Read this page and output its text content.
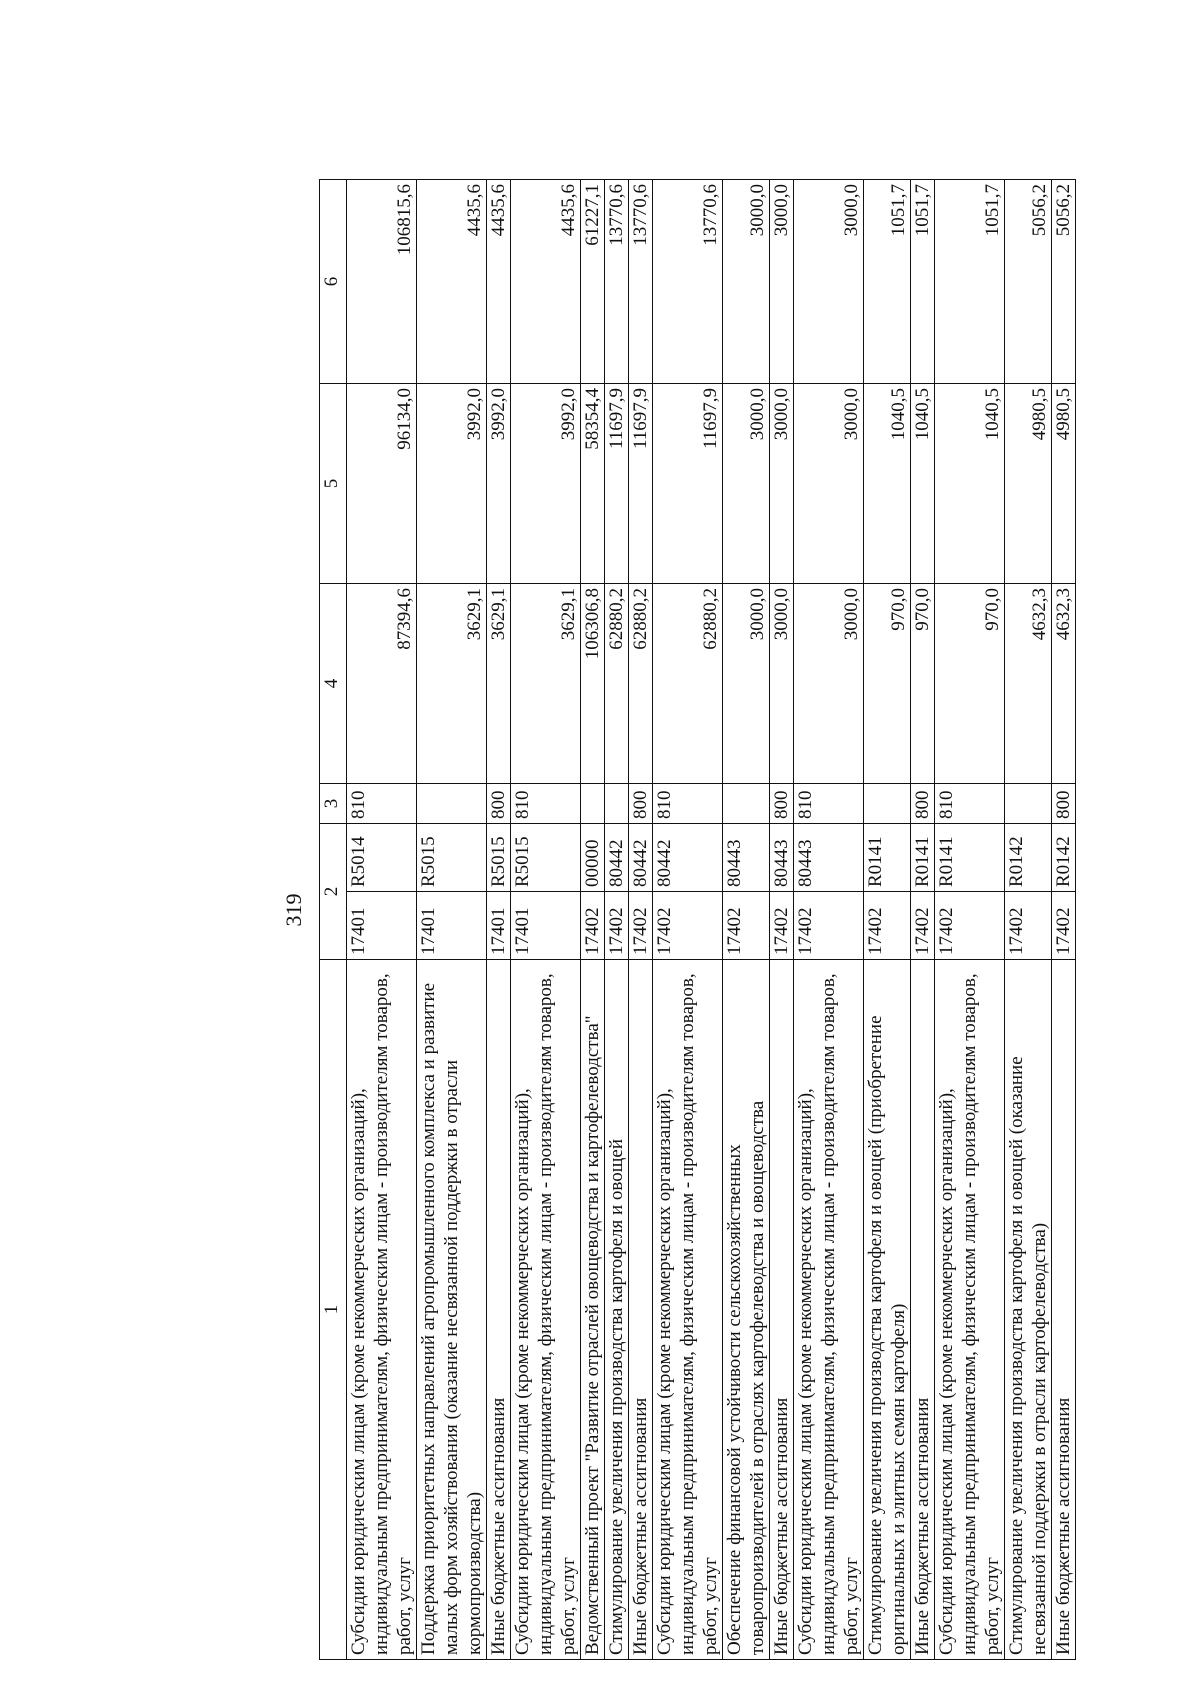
1	2		3	4	5	6
Субсидии юридическим лицам (кроме некоммерческих организаций), индивидуальным предпринимателям, физическим лицам - производителям товаров, работ, услуг	17401	R5014	810	87394,6	96134,0	106815,6
Поддержка приоритетных направлений агропромышленного комплекса и развитие малых форм хозяйствования (оказание несвязанной поддержки в отрасли кормопроизводства)	17401	R5015		3629,1	3992,0	4435,6
Иные бюджетные ассигнования	17401	R5015	800	3629,1	3992,0	4435,6
Субсидии юридическим лицам (кроме некоммерческих организаций), индивидуальным предпринимателям, физическим лицам - производителям товаров, работ, услуг	17401	R5015	810	3629,1	3992,0	4435,6
Ведомственный проект "Развитие отраслей овощеводства и картофелеводства"	17402	00000		106306,8	58354,4	61227,1
Стимулирование увеличения производства картофеля и овощей	17402	80442		62880,2	11697,9	13770,6
Иные бюджетные ассигнования	17402	80442	800	62880,2	11697,9	13770,6
Субсидии юридическим лицам (кроме некоммерческих организаций), индивидуальным предпринимателям, физическим лицам - производителям товаров, работ, услуг	17402	80442	810	62880,2	11697,9	13770,6
Обеспечение финансовой устойчивости сельскохозяйственных товаропроизводителей в отраслях картофелеводства и овощеводства	17402	80443		3000,0	3000,0	3000,0
Иные бюджетные ассигнования	17402	80443	800	3000,0	3000,0	3000,0
Субсидии юридическим лицам (кроме некоммерческих организаций), индивидуальным предпринимателям, физическим лицам - производителям товаров, работ, услуг	17402	80443	810	3000,0	3000,0	3000,0
Стимулирование увеличения производства картофеля и овощей (приобретение оригинальных и элитных семян картофеля)	17402	R0141		970,0	1040,5	1051,7
Иные бюджетные ассигнования	17402	R0141	800	970,0	1040,5	1051,7
Субсидии юридическим лицам (кроме некоммерческих организаций), индивидуальным предпринимателям, физическим лицам - производителям товаров, работ, услуг	17402	R0141	810	970,0	1040,5	1051,7
Стимулирование увеличения производства картофеля и овощей (оказание несвязанной поддержки в отрасли картофелеводства)	17402	R0142		4632,3	4980,5	5056,2
Иные бюджетные ассигнования	17402	R0142	800	4632,3	4980,5	5056,2
319
